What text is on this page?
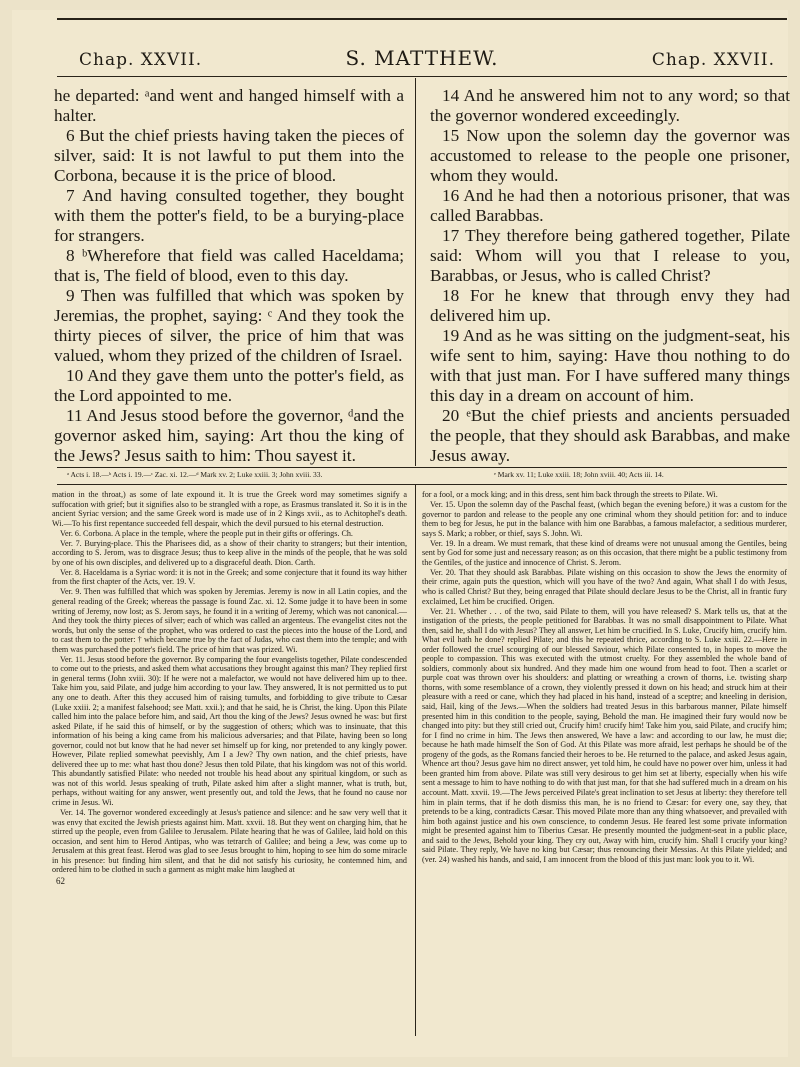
Chap. XXVII.	S. MATTHEW.	Chap. XXVII.

he departed: ᵃand went and hanged himself with a halter.

6 But the chief priests having taken the pieces of silver, said: It is not lawful to put them into the Corbona, because it is the price of blood.

7 And having consulted together, they bought with them the potter's field, to be a burying-place for strangers.

8 ᵇWherefore that field was called Haceldama; that is, The field of blood, even to this day.

9 Then was fulfilled that which was spoken by Jeremias, the prophet, saying: ᶜ And they took the thirty pieces of silver, the price of him that was valued, whom they prized of the children of Israel.

10 And they gave them unto the potter's field, as the Lord appointed to me.

11 And Jesus stood before the governor, ᵈand the governor asked him, saying: Art thou the king of the Jews? Jesus saith to him: Thou sayest it.

14 And he answered him not to any word; so that the governor wondered exceedingly.

15 Now upon the solemn day the governor was accustomed to release to the people one prisoner, whom they would.

16 And he had then a notorious prisoner, that was called Barabbas.

17 They therefore being gathered together, Pilate said: Whom will you that I release to you, Barabbas, or Jesus, who is called Christ?

18 For he knew that through envy they had delivered him up.

19 And as he was sitting on the judgment-seat, his wife sent to him, saying: Have thou nothing to do with that just man. For I have suffered many things this day in a dream on account of him.

20 ᵉBut the chief priests and ancients persuaded the people, that they should ask Barabbas, and make Jesus away.

ᵃ Acts i. 18.—ᵇ Acts i. 19.—ᶜ Zac. xi. 12.—ᵈ Mark xv. 2; Luke xxiii. 3; John xviii. 33.	ᵉ Mark xv. 11; Luke xxiii. 18; John xviii. 40; Acts iii. 14.

mation in the throat,) as some of late expound it. It is true the Greek word may sometimes signify a suffocation with grief; but it signifies also to be strangled with a rope, as Erasmus translated it. So it is in the ancient Syriac version; and the same Greek word is made use of in 2 Kings xvii., as to Achitophel's death. Wi.—To his first repentance succeeded fell despair, which the devil pursued to his eternal destruction.

Ver. 6. Corbona. A place in the temple, where the people put in their gifts or offerings. Ch.

Ver. 7. Burying-place. This the Pharisees did, as a show of their charity to strangers; but their intention, according to S. Jerom, was to disgrace Jesus; thus to keep alive in the minds of the people, that he was sold by one of his own disciples, and delivered up to a disgraceful death. Dion. Carth.

Ver. 8. Haceldama is a Syriac word: it is not in the Greek; and some conjecture that it found its way hither from the first chapter of the Acts, ver. 19. V.

Ver. 9. Then was fulfilled that which was spoken by Jeremias. Jeremy is now in all Latin copies, and the general reading of the Greek; whereas the passage is found Zac. xi. 12. Some judge it to have been in some writing of Jeremy, now lost; as S. Jerom says, he found it in a writing of Jeremy, which was not canonical.—And they took the thirty pieces of silver; each of which was called an argenteus. The evangelist cites not the words, but only the sense of the prophet, who was ordered to cast the pieces into the house of the Lord, and to cast them to the potter: † which became true by the fact of Judas, who cast them into the temple; and with them was purchased the potter's field. The price of him that was prized. Wi.

Ver. 11. Jesus stood before the governor. By comparing the four evangelists together, Pilate condescended to come out to the priests, and asked them what accusations they brought against this man? They replied first in general terms (John xviii. 30): If he were not a malefactor, we would not have delivered him up to thee. Take him you, said Pilate, and judge him according to your law. They answered, It is not permitted us to put any one to death. After this they accused him of raising tumults, and forbidding to give tribute to Cæsar (Luke xxiii. 2; a manifest falsehood; see Matt. xxii.); and that he said, he is Christ, the king. Upon this Pilate called him into the palace before him, and said, Art thou the king of the Jews? Jesus owned he was: but first asked Pilate, if he said this of himself, or by the suggestion of others; which was to insinuate, that this information of his being a king came from his malicious adversaries; and that Pilate, having been so long governor, could not but know that he had never set himself up for king, nor pretended to any kingly power. However, Pilate replied somewhat peevishly, Am I a Jew? Thy own nation, and the chief priests, have delivered thee up to me: what hast thou done? Jesus then told Pilate, that his kingdom was not of this world. This abundantly satisfied Pilate: who needed not trouble his head about any spiritual kingdom, or such as was not of this world. Jesus speaking of truth, Pilate asked him after a slight manner, what is truth, but, perhaps, without waiting for any answer, went presently out, and told the Jews, that he found no cause nor crime in Jesus. Wi.

Ver. 14. The governor wondered exceedingly at Jesus's patience and silence: and he saw very well that it was envy that excited the Jewish priests against him. Matt. xxvii. 18. But they went on charging him, that he stirred up the people, even from Galilee to Jerusalem. Pilate hearing that he was of Galilee, laid hold on this occasion, and sent him to Herod Antipas, who was tetrarch of Galilee; and being a Jew, was come up to Jerusalem at this great feast. Herod was glad to see Jesus brought to him, hoping to see him do some miracle in his presence: but finding him silent, and that he did not satisfy his curiosity, he contemned him, and ordered him to be clothed in such a garment as might make him laughed at

62

for a fool, or a mock king; and in this dress, sent him back through the streets to Pilate. Wi.

Ver. 15. Upon the solemn day of the Paschal feast, (which began the evening before,) it was a custom for the governor to pardon and release to the people any one criminal whom they should petition for: and to induce them to beg for Jesus, he put in the balance with him one Barabbas, a famous malefactor, a seditious murderer, says S. Mark; a robber, or thief, says S. John. Wi.

Ver. 19. In a dream. We must remark, that these kind of dreams were not unusual among the Gentiles, being sent by God for some just and necessary reason; as on this occasion, that there might be a public testimony from the Gentiles, of the justice and innocence of Christ. S. Jerom.

Ver. 20. That they should ask Barabbas. Pilate wishing on this occasion to show the Jews the enormity of their crime, again puts the question, which will you have of the two? And again, What shall I do with Jesus, who is called Christ? But they, being enraged that Pilate should declare Jesus to be the Christ, all in frantic fury exclaimed, Let him be crucified. Origen.

Ver. 21. Whether . . . of the two, said Pilate to them, will you have released? S. Mark tells us, that at the instigation of the priests, the people petitioned for Barabbas. It was no small disappointment to Pilate. What then, said he, shall I do with Jesus? They all answer, Let him be crucified. In S. Luke, Crucify him, crucify him. What evil hath he done? replied Pilate; and this he repeated thrice, according to S. Luke xxiii. 22.—Here in order followed the cruel scourging of our blessed Saviour, which Pilate consented to, in hopes to move the people to compassion. This was executed with the utmost cruelty. For they assembled the whole band of soldiers, commonly about six hundred. And they made him one wound from head to foot. Then a scarlet or purple coat was thrown over his shoulders: and platting or wreathing a crown of thorns, i.e. twisting sharp thorns, with some resemblance of a crown, they violently pressed it down on his head; and struck him at their pleasure with a reed or cane, which they had placed in his hand, instead of a sceptre; and kneeling in derision, said, Hail, king of the Jews.—When the soldiers had treated Jesus in this barbarous manner, Pilate himself presented him in this condition to the people, saying, Behold the man. He imagined their fury would now be changed into pity: but they still cried out, Crucify him! crucify him! Take him you, said Pilate, and crucify him; for I find no crime in him. The Jews then answered, We have a law: and according to our law, he must die; because he hath made himself the Son of God. At this Pilate was more afraid, lest perhaps he should be of the progeny of the gods, as the Romans fancied their heroes to be. He returned to the palace, and asked Jesus again, Whence art thou? Jesus gave him no direct answer, yet told him, he could have no power over him, unless it had been granted him from above. Pilate was still very desirous to get him set at liberty, especially when his wife sent a message to him to have nothing to do with that just man, for that she had suffered much in a dream on his account. Matt. xxvii. 19.—The Jews perceived Pilate's great inclination to set Jesus at liberty: they therefore tell him in plain terms, that if he doth dismiss this man, he is no friend to Cæsar: for every one, say they, that pretends to be a king, contradicts Cæsar. This moved Pilate more than any thing whatsoever, and prevailed with him both against justice and his own conscience, to condemn Jesus. He feared lest some private information might be presented against him to Tiberius Cæsar. He presently mounted the judgment-seat in a public place, and said to the Jews, Behold your king. They cry out, Away with him, crucify him. Shall I crucify your king? said Pilate. They reply, We have no king but Cæsar; thus renouncing their Messias. At this Pilate yielded; and (ver. 24) washed his hands, and said, I am innocent from the blood of this just man: look you to it. Wi.
